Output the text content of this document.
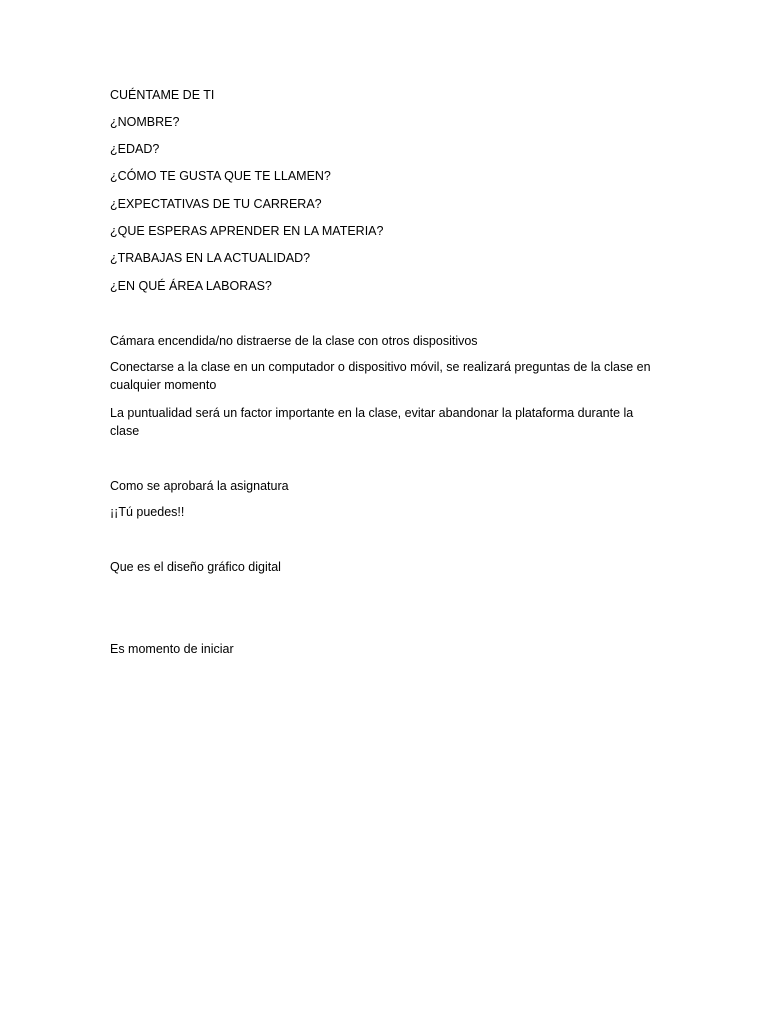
CUÉNTAME DE TI

¿NOMBRE?

¿EDAD?

¿CÓMO TE GUSTA QUE TE LLAMEN?

¿EXPECTATIVAS DE TU CARRERA?

¿QUE ESPERAS APRENDER EN LA MATERIA?

¿TRABAJAS EN LA ACTUALIDAD?

¿EN QUÉ ÁREA LABORAS?

Cámara encendida/no distraerse de la clase con otros dispositivos

Conectarse a la clase en un computador o dispositivo móvil, se realizará preguntas de la clase en cualquier momento

La puntualidad será un factor importante en la clase, evitar abandonar la plataforma durante la clase

Como se aprobará la asignatura

¡¡Tú puedes!!

Que es el diseño gráfico digital

Es momento de iniciar
